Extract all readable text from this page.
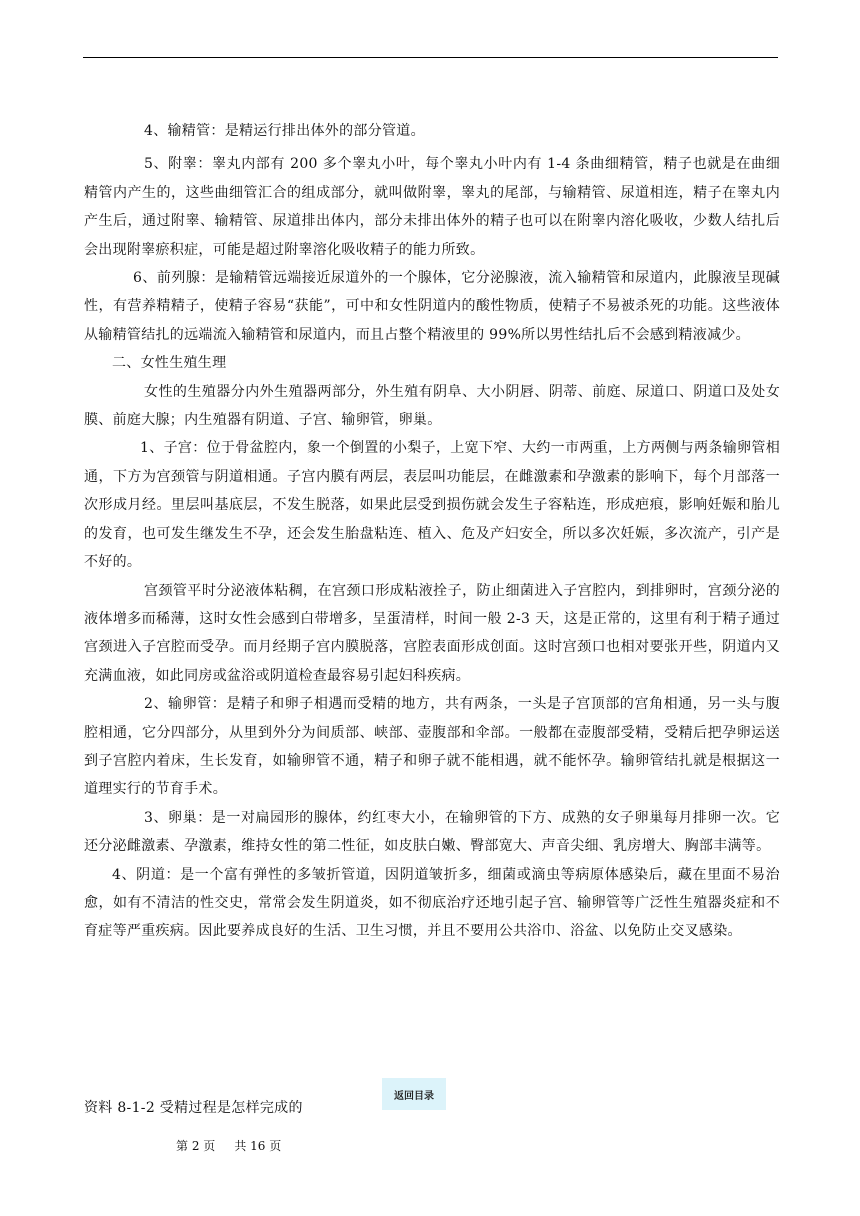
4、输精管：是精运行排出体外的部分管道。

5、附睾：睾丸内部有 200 多个睾丸小叶，每个睾丸小叶内有 1-4 条曲细精管，精子也就是在曲细精管内产生的，这些曲细管汇合的组成部分，就叫做附睾，睾丸的尾部，与输精管、尿道相连，精子在睾丸内产生后，通过附睾、输精管、尿道排出体内，部分未排出体外的精子也可以在附睾内溶化吸收，少数人结扎后会出现附睾瘀积症，可能是超过附睾溶化吸收精子的能力所致。

6、前列腺：是输精管远端接近尿道外的一个腺体，它分泌腺液，流入输精管和尿道内，此腺液呈现碱性，有营养精精子，使精子容易“获能”，可中和女性阴道内的酸性物质，使精子不易被杀死的功能。这些液体从输精管结扎的远端流入输精管和尿道内，而且占整个精液里的 99%所以男性结扎后不会感到精液减少。

二、女性生殖生理

女性的生殖器分内外生殖器两部分，外生殖有阴阜、大小阴唇、阴蒂、前庭、尿道口、阴道口及处女膜、前庭大腺；内生殖器有阴道、子宫、输卵管，卵巢。

1、子宫：位于骨盆腔内，象一个倒置的小梨子，上宽下窄、大约一市两重，上方两侧与两条输卵管相通，下方为宫颈管与阴道相通。子宫内膜有两层，表层叫功能层，在雌激素和孕激素的影响下，每个月部落一次形成月经。里层叫基底层，不发生脱落，如果此层受到损伤就会发生子容粘连，形成疤痕，影响妊娠和胎儿的发育，也可发生继发生不孕，还会发生胎盘粘连、植入、危及产妇安全，所以多次妊娠，多次流产，引产是不好的。

宫颈管平时分泌液体粘稠，在宫颈口形成粘液拴子，防止细菌进入子宫腔内，到排卵时，宫颈分泌的液体增多而稀薄，这时女性会感到白带增多，呈蛋清样，时间一般 2-3 天，这是正常的，这里有利于精子通过宫颈进入子宫腔而受孕。而月经期子宫内膜脱落，宫腔表面形成创面。这时宫颈口也相对要张开些，阴道内又充满血液，如此同房或盆浴或阴道检查最容易引起妇科疾病。

2、输卵管：是精子和卵子相遇而受精的地方，共有两条，一头是子宫顶部的宫角相通，另一头与腹腔相通，它分四部分，从里到外分为间质部、峡部、壶腹部和伞部。一般都在壶腹部受精，受精后把孕卵运送到子宫腔内着床，生长发育，如输卵管不通，精子和卵子就不能相遇，就不能怀孕。输卵管结扎就是根据这一道理实行的节育手术。

3、卵巢：是一对扁园形的腺体，约红枣大小，在输卵管的下方、成熟的女子卵巢每月排卵一次。它还分泌雌激素、孕激素，维持女性的第二性征，如皮肤白嫩、臀部宽大、声音尖细、乳房增大、胸部丰满等。

4、阴道：是一个富有弹性的多皱折管道，因阴道皱折多，细菌或滴虫等病原体感染后，藏在里面不易治愈，如有不清洁的性交史，常常会发生阴道炎，如不彻底治疗还地引起子宫、输卵管等广泛性生殖器炎症和不育症等严重疾病。因此要养成良好的生活、卫生习惯，并且不要用公共浴巾、浴盆、以免防止交叉感染。

返回目录
资料 8-1-2 受精过程是怎样完成的
第 2 页     共 16 页
